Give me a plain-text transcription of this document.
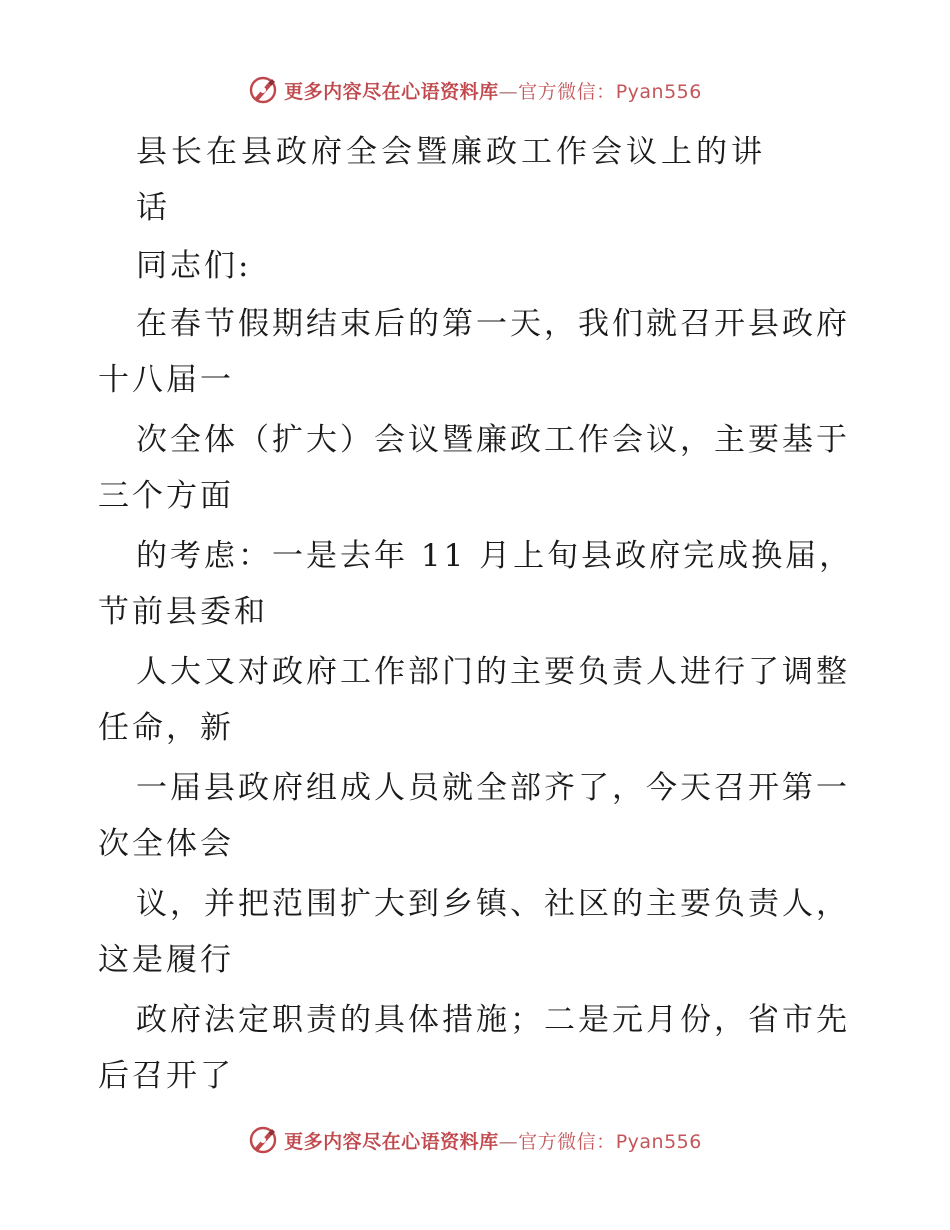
更多内容尽在心语资料库—官方微信：Pyan556
县长在县政府全会暨廉政工作会议上的讲
话

同志们:

在春节假期结束后的第一天，我们就召开县政府

十八届一

次全体（扩大）会议暨廉政工作会议，主要基于

三个方面

的考虑：一是去年 11 月上旬县政府完成换届，

节前县委和

人大又对政府工作部门的主要负责人进行了调整

任命，新

一届县政府组成人员就全部齐了，今天召开第一

次全体会

议，并把范围扩大到乡镇、社区的主要负责人，

这是履行

政府法定职责的具体措施；二是元月份，省市先

后召开了

更多内容尽在心语资料库—官方微信：Pyan556
